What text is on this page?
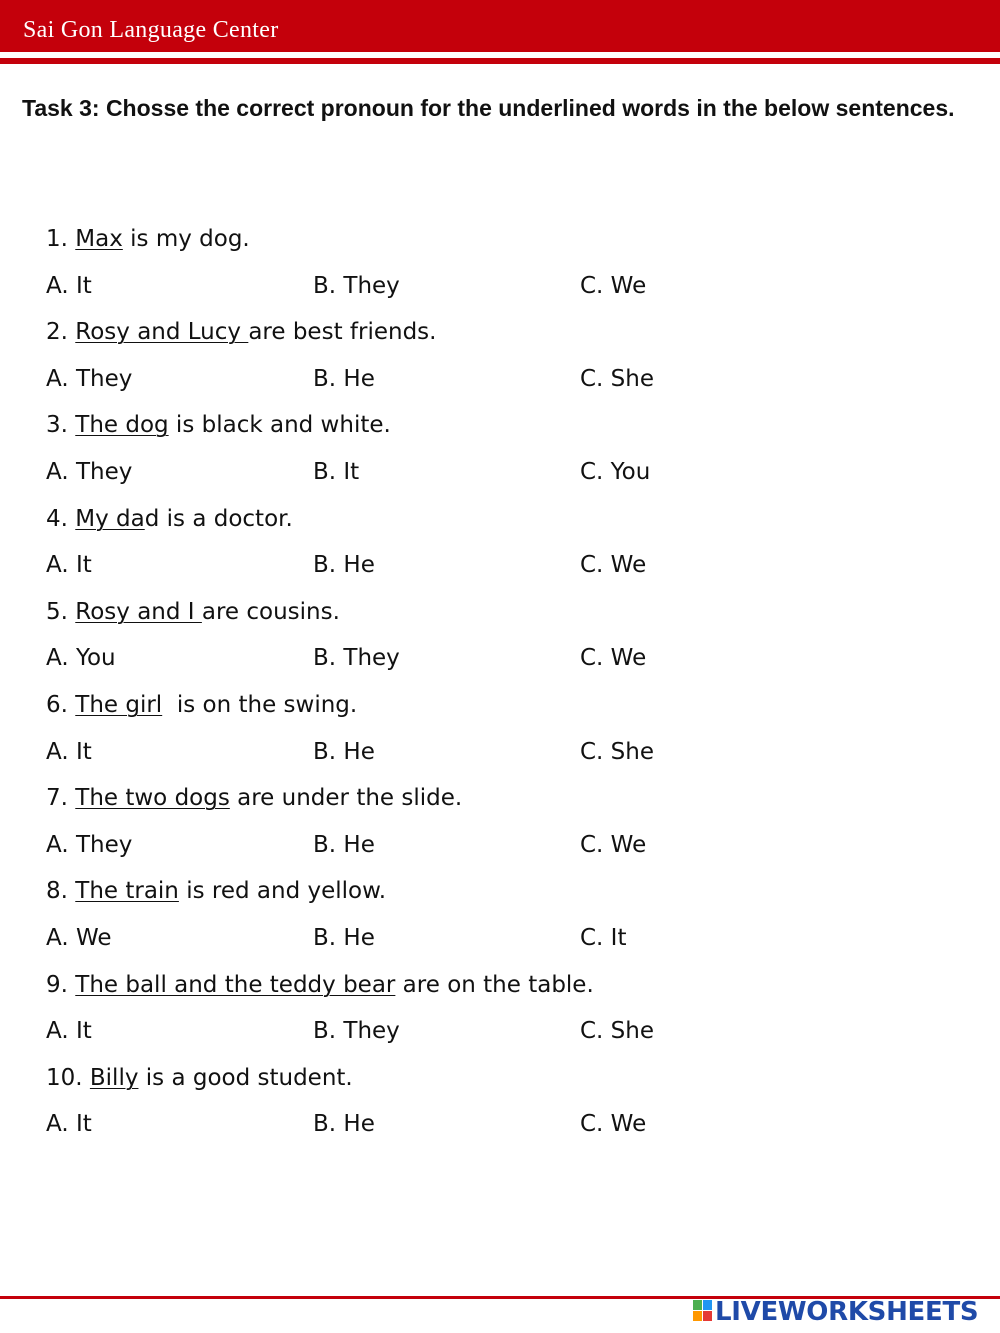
Sai Gon Language Center
Task 3: Chosse the correct pronoun for the underlined words in the below sentences.
1. Max is my dog.
A. It	B. They	C. We
2. Rosy and Lucy are best friends.
A. They	B. He	C. She
3. The dog is black and white.
A. They	B. It	C. You
4. My dad is a doctor.
A. It	B. He	C. We
5. Rosy and I are cousins.
A. You	B. They	C. We
6. The girl  is on the swing.
A. It	B. He	C. She
7. The two dogs are under the slide.
A. They	B. He	C. We
8. The train is red and yellow.
A. We	B. He	C. It
9. The ball and the teddy bear are on the table.
A. It	B. They	C. She
10. Billy is a good student.
A. It	B. He	C. We
LIVEWORKSHEETS
